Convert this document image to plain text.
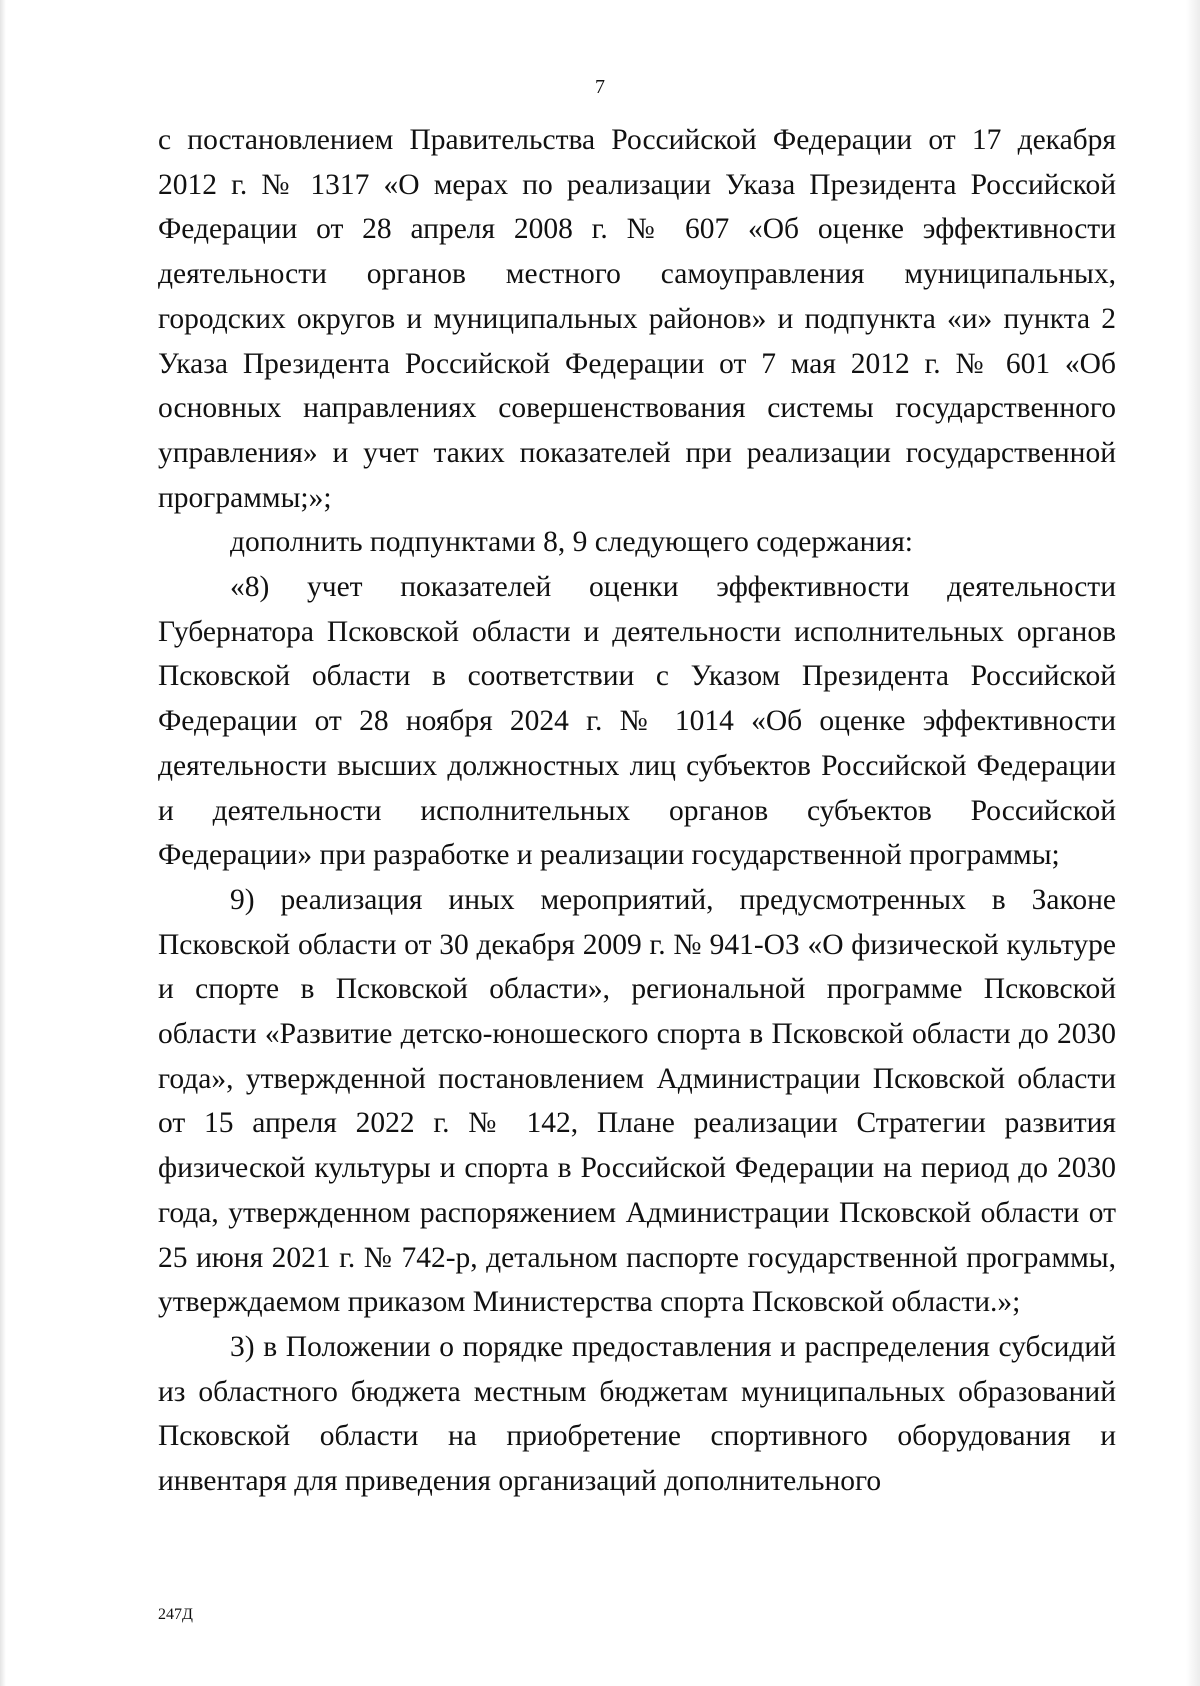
7

с постановлением Правительства Российской Федерации от 17 декабря 2012 г. № 1317 «О мерах по реализации Указа Президента Российской Федерации от 28 апреля 2008 г. № 607 «Об оценке эффективности деятельности органов местного самоуправления муниципальных, городских округов и муниципальных районов» и подпункта «и» пункта 2 Указа Президента Российской Федерации от 7 мая 2012 г. № 601 «Об основных направлениях совершенствования системы государственного управления» и учет таких показателей при реализации государственной программы;»;

дополнить подпунктами 8, 9 следующего содержания:

«8) учет показателей оценки эффективности деятельности Губернатора Псковской области и деятельности исполнительных органов Псковской области в соответствии с Указом Президента Российской Федерации от 28 ноября 2024 г. № 1014 «Об оценке эффективности деятельности высших должностных лиц субъектов Российской Федерации и деятельности исполнительных органов субъектов Российской Федерации» при разработке и реализации государственной программы;

9) реализация иных мероприятий, предусмотренных в Законе Псковской области от 30 декабря 2009 г. № 941-ОЗ «О физической культуре и спорте в Псковской области», региональной программе Псковской области «Развитие детско-юношеского спорта в Псковской области до 2030 года», утвержденной постановлением Администрации Псковской области от 15 апреля 2022 г. № 142, Плане реализации Стратегии развития физической культуры и спорта в Российской Федерации на период до 2030 года, утвержденном распоряжением Администрации Псковской области от 25 июня 2021 г. № 742-р, детальном паспорте государственной программы, утверждаемом приказом Министерства спорта Псковской области.»;

3) в Положении о порядке предоставления и распределения субсидий из областного бюджета местным бюджетам муниципальных образований Псковской области на приобретение спортивного оборудования и инвентаря для приведения организаций дополнительного

247Д
